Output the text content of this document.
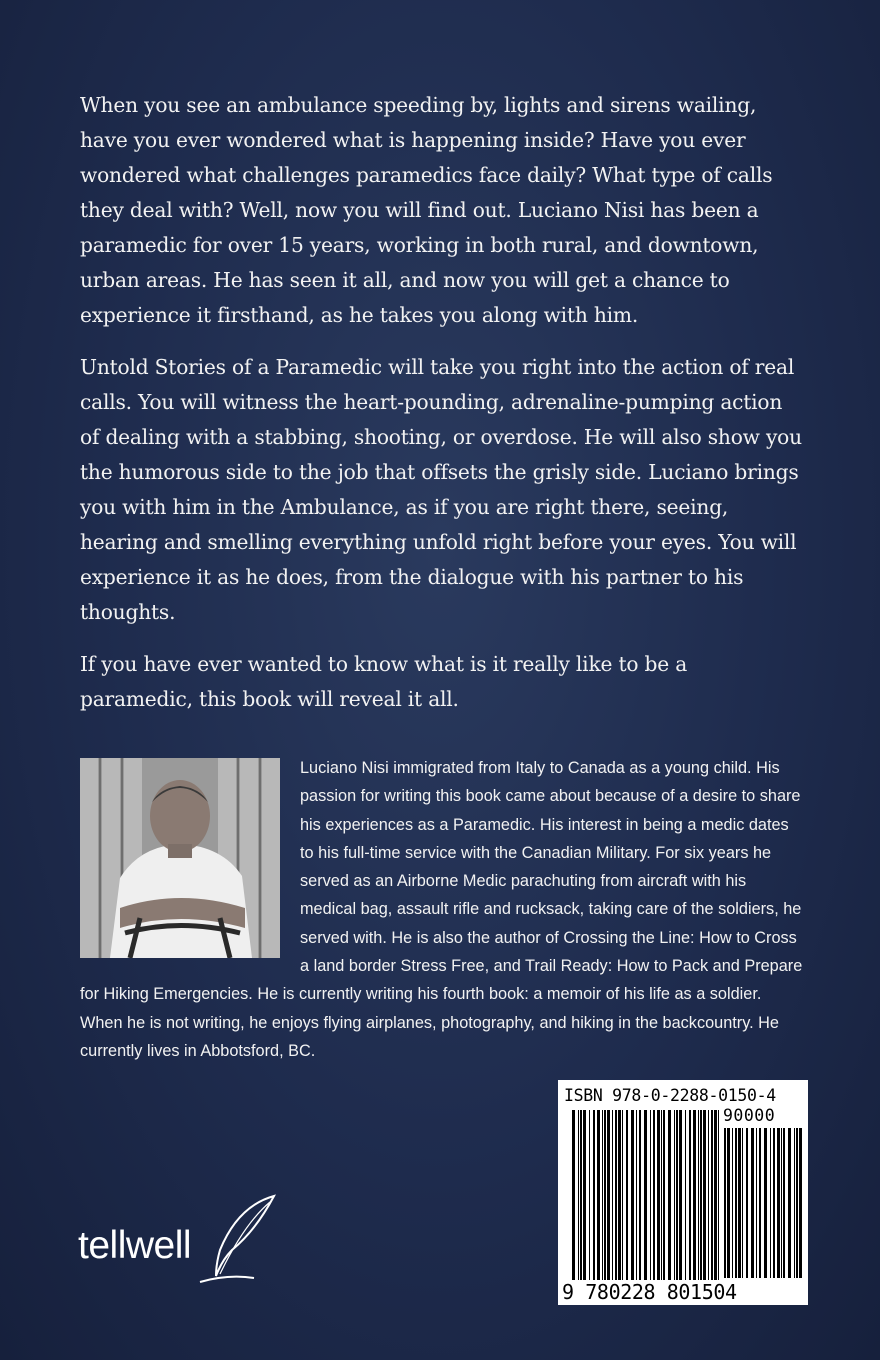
When you see an ambulance speeding by, lights and sirens wailing, have you ever wondered what is happening inside? Have you ever wondered what challenges paramedics face daily? What type of calls they deal with? Well, now you will find out. Luciano Nisi has been a paramedic for over 15 years, working in both rural, and downtown, urban areas. He has seen it all, and now you will get a chance to experience it firsthand, as he takes you along with him.

Untold Stories of a Paramedic will take you right into the action of real calls. You will witness the heart-pounding, adrenaline-pumping action of dealing with a stabbing, shooting, or overdose. He will also show you the humorous side to the job that offsets the grisly side. Luciano brings you with him in the Ambulance, as if you are right there, seeing, hearing and smelling everything unfold right before your eyes. You will experience it as he does, from the dialogue with his partner to his thoughts.

If you have ever wanted to know what is it really like to be a paramedic, this book will reveal it all.

Luciano Nisi immigrated from Italy to Canada as a young child. His passion for writing this book came about because of a desire to share his experiences as a Paramedic. His interest in being a medic dates to his full-time service with the Canadian Military. For six years he served as an Airborne Medic parachuting from aircraft with his medical bag, assault rifle and rucksack, taking care of the soldiers, he served with. He is also the author of Crossing the Line: How to Cross a land border Stress Free, and Trail Ready: How to Pack and Prepare for Hiking Emergencies. He is currently writing his fourth book: a memoir of his life as a soldier. When he is not writing, he enjoys flying airplanes, photography, and hiking in the backcountry. He currently lives in Abbotsford, BC.
tellwell
ISBN 978-0-2288-0150-4
90000
9 780228 801504
